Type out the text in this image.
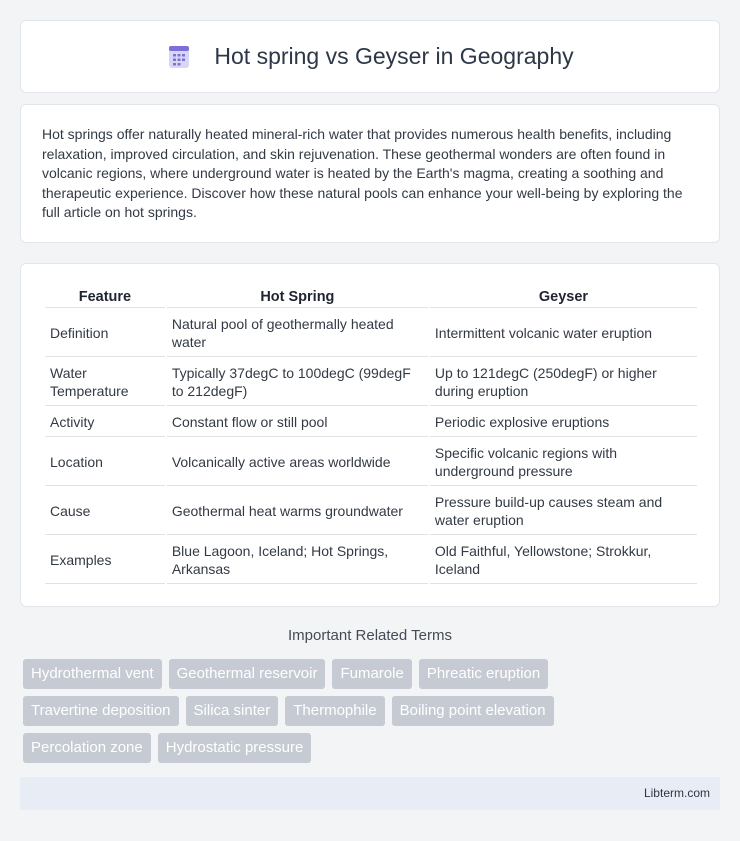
Hot spring vs Geyser in Geography

Hot springs offer naturally heated mineral-rich water that provides numerous health benefits, including relaxation, improved circulation, and skin rejuvenation. These geothermal wonders are often found in volcanic regions, where underground water is heated by the Earth's magma, creating a soothing and therapeutic experience. Discover how these natural pools can enhance your well-being by exploring the full article on hot springs.

Feature	Hot Spring	Geyser
Definition	Natural pool of geothermally heated water	Intermittent volcanic water eruption
Water Temperature	Typically 37degC to 100degC (99degF to 212degF)	Up to 121degC (250degF) or higher during eruption
Activity	Constant flow or still pool	Periodic explosive eruptions
Location	Volcanically active areas worldwide	Specific volcanic regions with underground pressure
Cause	Geothermal heat warms groundwater	Pressure build-up causes steam and water eruption
Examples	Blue Lagoon, Iceland; Hot Springs, Arkansas	Old Faithful, Yellowstone; Strokkur, Iceland
Important Related Terms
Hydrothermal vent	Geothermal reservoir	Fumarole	Phreatic eruption
Travertine deposition	Silica sinter	Thermophile	Boiling point elevation
Percolation zone	Hydrostatic pressure
Libterm.com
